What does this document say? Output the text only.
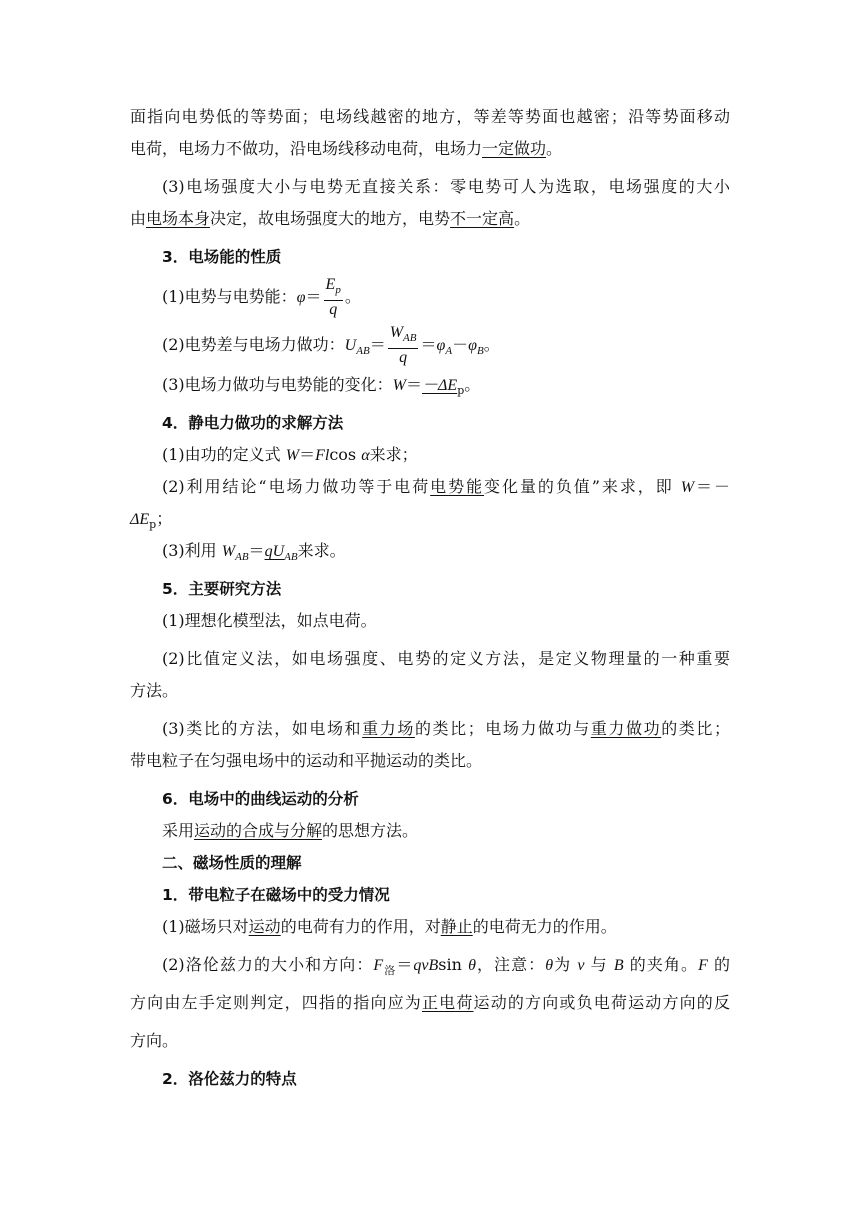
面指向电势低的等势面；电场线越密的地方，等差等势面也越密；沿等势面移动
电荷，电场力不做功，沿电场线移动电荷，电场力一定做功。
(3)电场强度大小与电势无直接关系：零电势可人为选取，电场强度的大小
由电场本身决定，故电场强度大的地方，电势不一定高。
3．电场能的性质
(1)电势与电势能：$\varphi= \frac{E_p}{q}$ 。
(2)电势差与电场力做功：$U_{AB}= \frac{W_{AB}}{q} =\varphi_A-\varphi_B$。
(3)电场力做功与电势能的变化：$W=-\Delta E_p$。
4．静电力做功的求解方法
(1)由功的定义式 W＝Flcos α来求；
(2)利用结论“电场力做功等于电荷电势能变化量的负值”来求，即 W＝－
$\Delta E_p$；
(3)利用 $W_{AB}=qU_{AB}$来求。
5．主要研究方法
(1)理想化模型法，如点电荷。
(2)比值定义法，如电场强度、电势的定义方法，是定义物理量的一种重要
方法。
(3)类比的方法，如电场和重力场的类比；电场力做功与重力做功的类比；
带电粒子在匀强电场中的运动和平抛运动的类比。
6．电场中的曲线运动的分析
采用运动的合成与分解的思想方法。
二、磁场性质的理解
1．带电粒子在磁场中的受力情况
(1)磁场只对运动的电荷有力的作用，对静止的电荷无力的作用。
(2)洛伦兹力的大小和方向：$F_洛=qvBsin$ θ，注意：θ为 v 与 B 的夹角。F 的
方向由左手定则判定，四指的指向应为正电荷运动的方向或负电荷运动方向的反
方向。
2．洛伦兹力的特点
